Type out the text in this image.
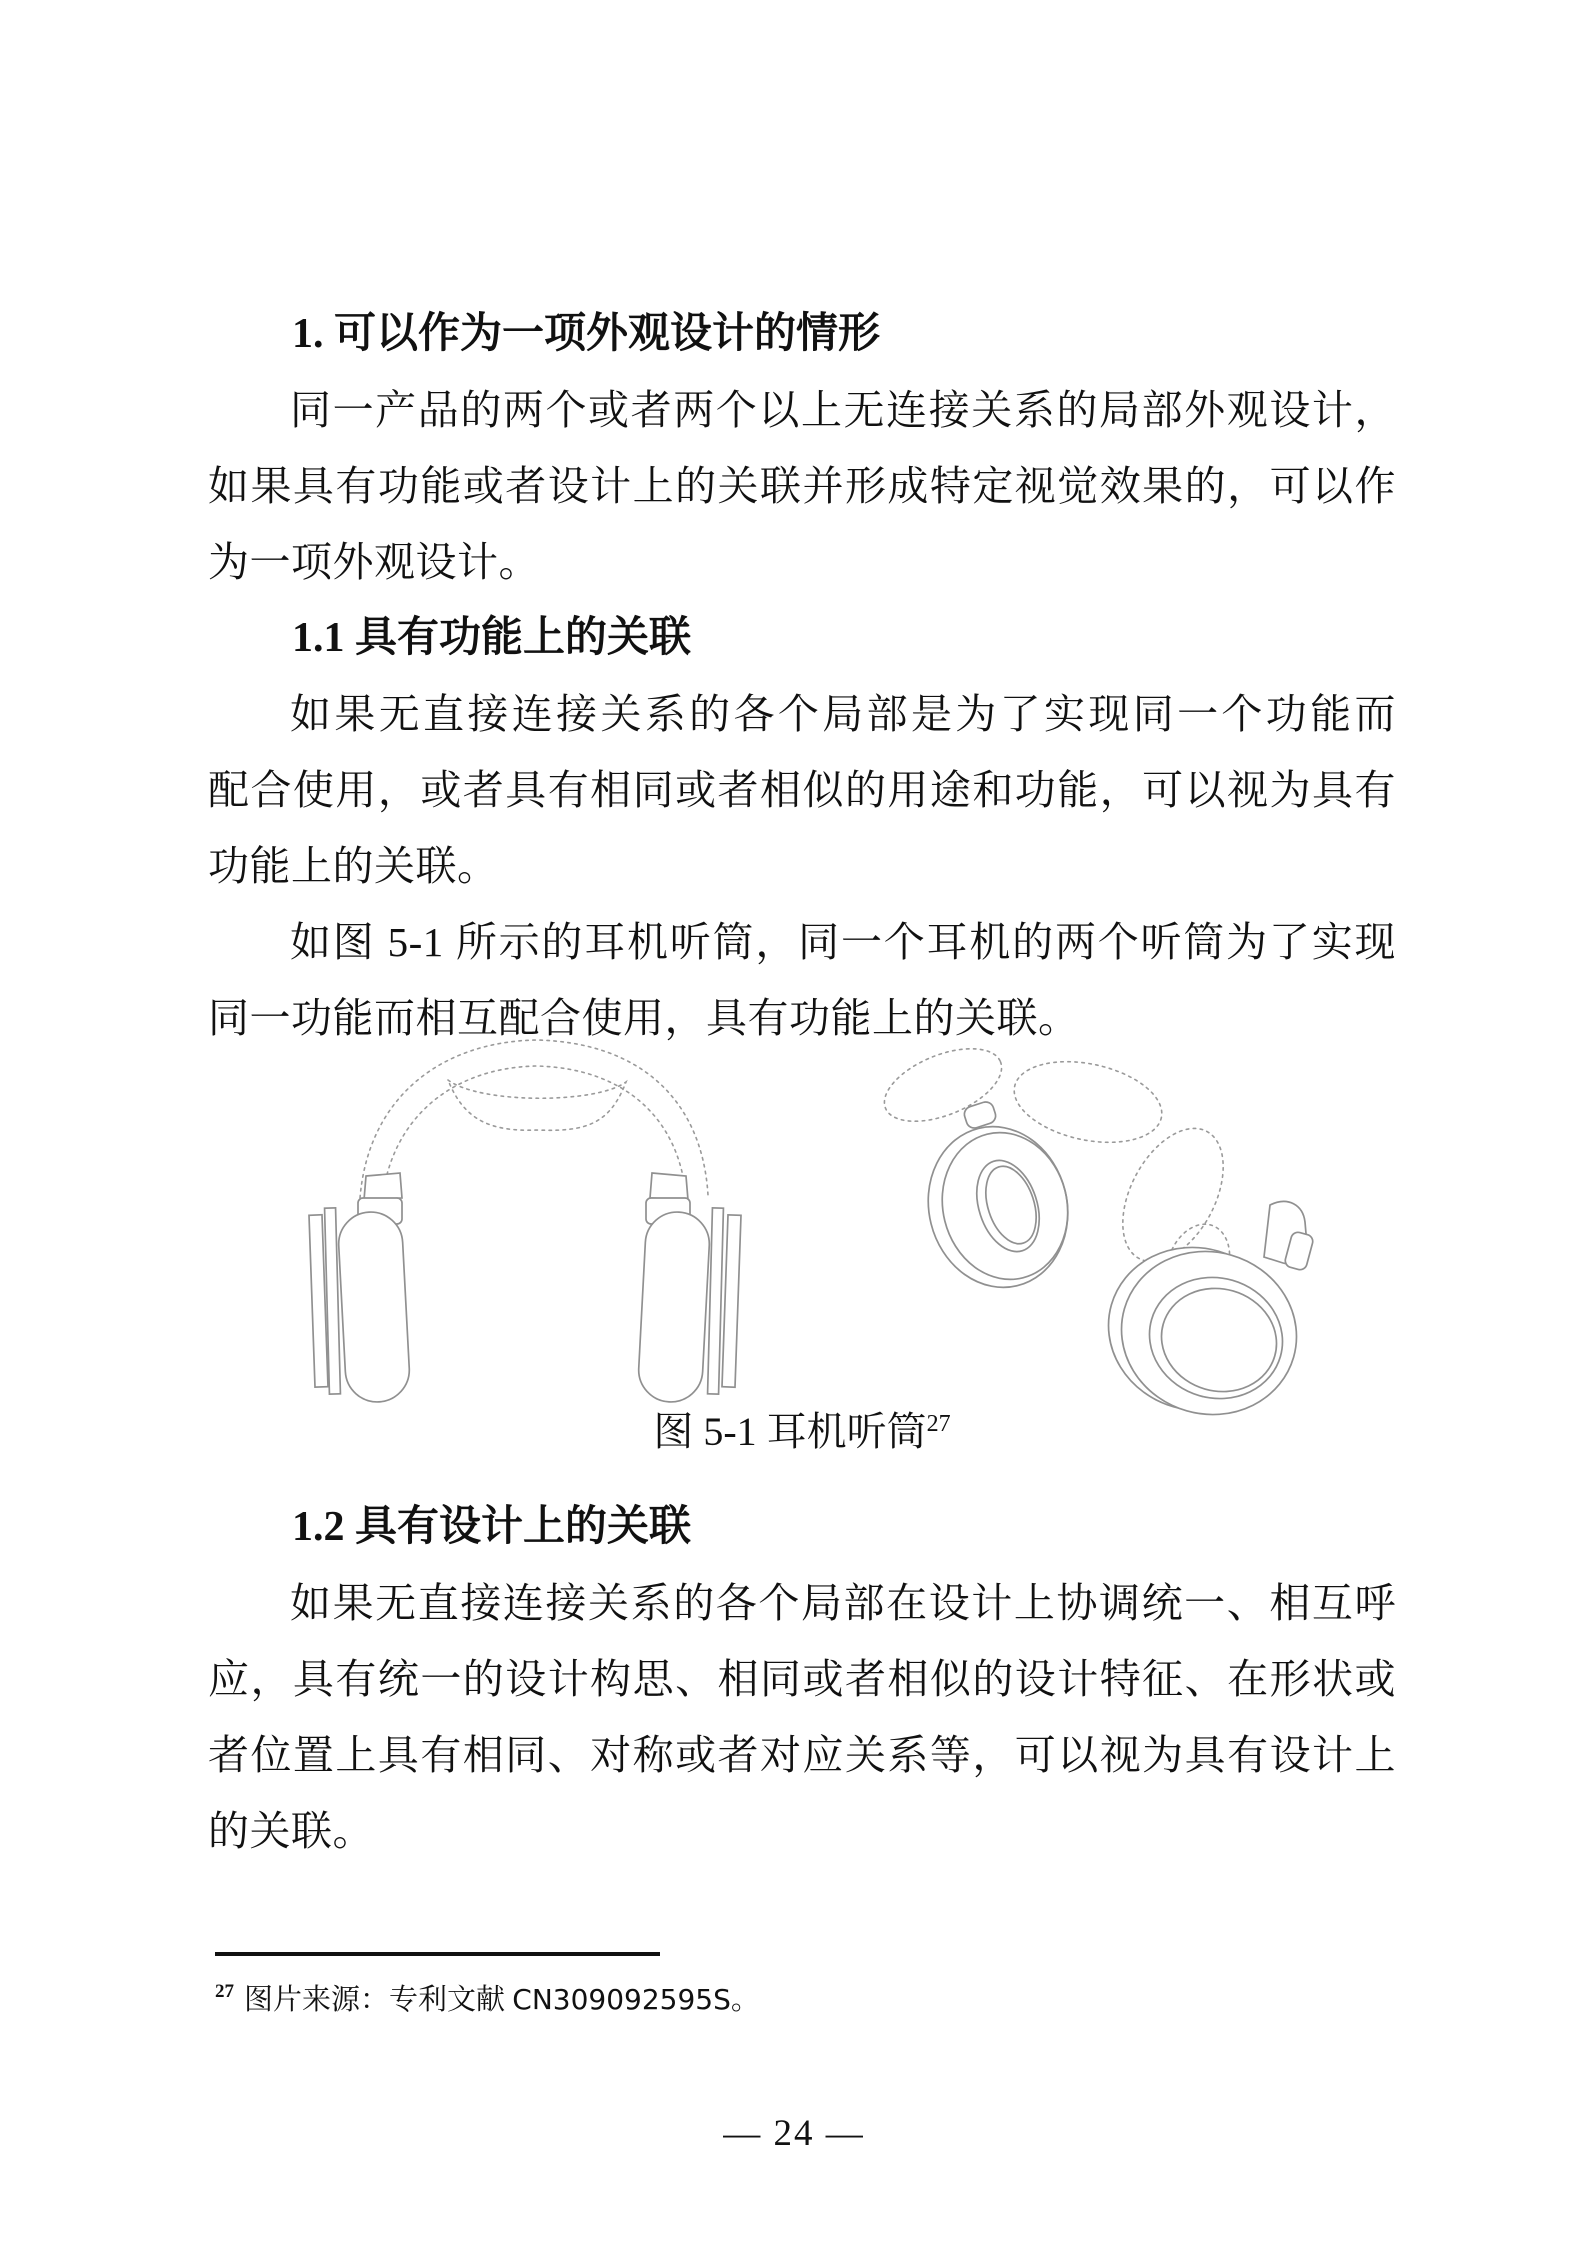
1. 可以作为一项外观设计的情形
同一产品的两个或者两个以上无连接关系的局部外观设计，
如果具有功能或者设计上的关联并形成特定视觉效果的，可以作
为一项外观设计。
1.1 具有功能上的关联
如果无直接连接关系的各个局部是为了实现同一个功能而
配合使用，或者具有相同或者相似的用途和功能，可以视为具有
功能上的关联。
如图 5-1 所示的耳机听筒，同一个耳机的两个听筒为了实现
同一功能而相互配合使用，具有功能上的关联。
图 5-1 耳机听筒$^{27}$
1.2 具有设计上的关联
如果无直接连接关系的各个局部在设计上协调统一、相互呼
应，具有统一的设计构思、相同或者相似的设计特征、在形状或
者位置上具有相同、对称或者对应关系等，可以视为具有设计上
的关联。
$^{27}$ 图片来源：专利文献 CN309092595S。
— 24 —
